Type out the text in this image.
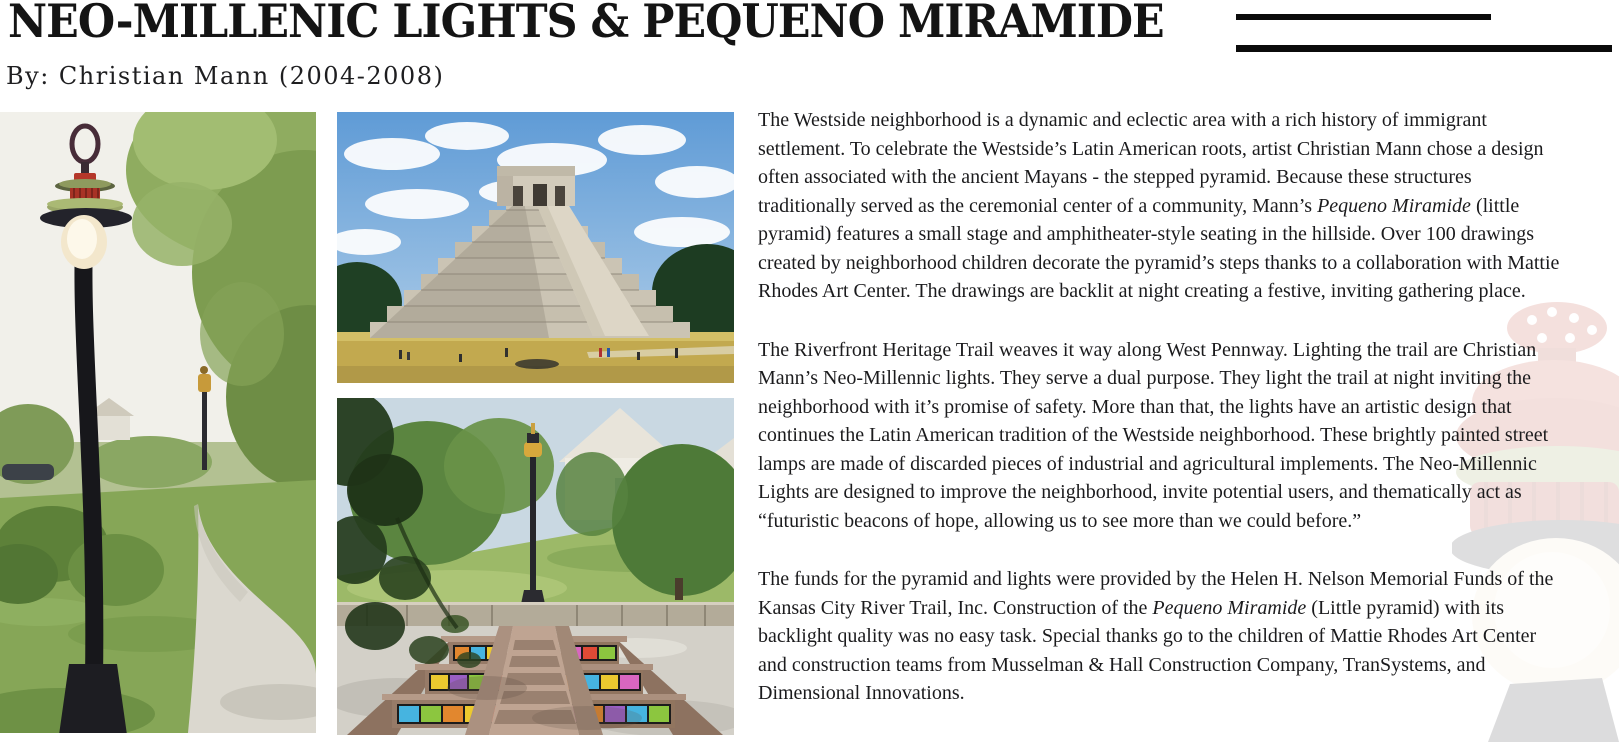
NEO-MILLENIC LIGHTS & PEQUENO MIRAMIDE
By: Christian Mann (2004-2008)

The Westside neighborhood is a dynamic and eclectic area with a rich history of immigrant settlement. To celebrate the Westside’s Latin American roots, artist Christian Mann chose a design often associated with the ancient Mayans - the stepped pyramid. Because these structures traditionally served as the ceremonial center of a community, Mann’s Pequeno Miramide (little pyramid) features a small stage and amphitheater-style seating in the hillside. Over 100 drawings created by neighborhood children decorate the pyramid’s steps thanks to a collaboration with Mattie Rhodes Art Center. The drawings are backlit at night creating a festive, inviting gathering place.

The Riverfront Heritage Trail weaves it way along West Pennway. Lighting the trail are Christian Mann’s Neo-Millennic lights. They serve a dual purpose. They light the trail at night inviting the neighborhood with it’s promise of safety. More than that, the lights have an artistic design that continues the Latin American tradition of the Westside neighborhood. These brightly painted street lamps are made of discarded pieces of industrial and agricultural implements. The Neo-Millennic Lights are designed to improve the neighborhood, invite potential users, and thematically act as “futuristic beacons of hope, allowing us to see more than we could before.”

The funds for the pyramid and lights were provided by the Helen H. Nelson Memorial Funds of the Kansas City River Trail, Inc. Construction of the Pequeno Miramide (Little pyramid) with its backlight quality was no easy task. Special thanks go to the children of Mattie Rhodes Art Center and construction teams from Musselman & Hall Construction Company, TranSystems, and Dimensional Innovations.
